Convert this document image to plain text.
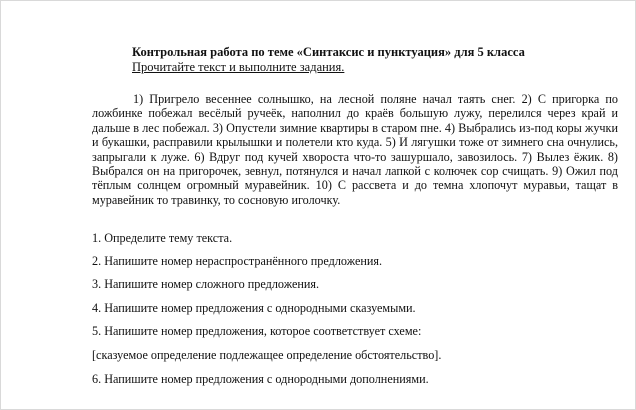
Контрольная работа по теме «Синтаксис и пунктуация» для 5 класса
Прочитайте текст и выполните задания.

1) Пригрело весеннее солнышко, на лесной поляне начал таять снег. 2) С пригорка по ложбинке побежал весёлый ручеёк, наполнил до краёв большую лужу, перелился через край и дальше в лес побежал. 3) Опустели зимние квартиры в старом пне. 4) Выбрались из-под коры жучки и букашки, расправили крылышки и полетели кто куда. 5) И лягушки тоже от зимнего сна очнулись, запрыгали к луже. 6) Вдруг под кучей хвороста что-то зашуршало, завозилось. 7) Вылез ёжик. 8) Выбрался он на пригорочек, зевнул, потянулся и начал лапкой с колючек сор счищать. 9) Ожил под тёплым солнцем огромный муравейник. 10) С рассвета и до темна хлопочут муравьи, тащат в муравейник то травинку, то сосновую иголочку.

1. Определите тему текста.
2. Напишите номер нераспространённого предложения.
3. Напишите номер сложного предложения.
4. Напишите номер предложения с однородными сказуемыми.
5. Напишите номер предложения, которое соответствует схеме:
[сказуемое определение подлежащее определение обстоятельство].
6. Напишите номер предложения с однородными дополнениями.
